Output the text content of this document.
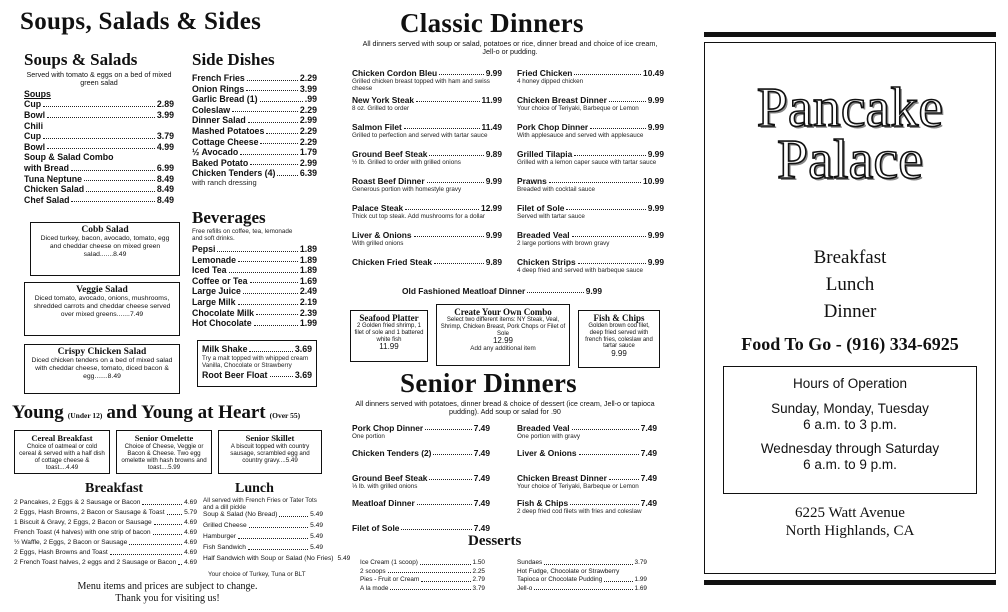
Soups, Salads & Sides
Soups & Salads
Served with tomato & eggs on a bed of mixed green salad
Soups
Cup	2.89
Bowl	3.99
Chili
Cup	3.79
Bowl	4.99
Soup & Salad Combo
with Bread	6.99
Tuna Neptune	8.49
Chicken Salad	8.49
Chef Salad	8.49
Side Dishes
French Fries	2.29
Onion Rings	3.99
Garlic Bread (1)	.99
Coleslaw	2.29
Dinner Salad	2.99
Mashed Potatoes	2.29
Cottage Cheese	2.29
½ Avocado	1.79
Baked Potato	2.99
Chicken Tenders (4)	6.39
with ranch dressing
Cobb Salad
Diced turkey, bacon, avocado, tomato, egg and cheddar cheese on mixed green salad.......8.49
Veggie Salad
Diced tomato, avocado, onions, mushrooms, shredded carrots and cheddar cheese served over mixed greens.......7.49
Crispy Chicken Salad
Diced chicken tenders on a bed of mixed salad with cheddar cheese, tomato, diced bacon & egg.......8.49
Beverages
Free refills on coffee, tea, lemonade and soft drinks.
Pepsi	1.89
Lemonade	1.89
Iced Tea	1.89
Coffee or Tea	1.69
Large Juice	2.49
Large Milk	2.19
Chocolate Milk	2.39
Hot Chocolate	1.99
Milk Shake	3.69
Try a malt topped with whipped cream Vanilla, Chocolate or Strawberry
Root Beer Float	3.69
Young (Under 12) and Young at Heart (Over 55)
Cereal Breakfast
Choice of oatmeal or cold cereal & served with a half dish of cottage cheese & toast....4.49
Senior Omelette
Choice of Cheese, Veggie or Bacon & Cheese. Two egg omelette with hash browns and toast....5.99
Senior Skillet
A biscuit topped with country sausage, scrambled egg and country gravy....5.49
Breakfast
2 Pancakes, 2 Eggs & 2 Sausage or Bacon	4.69
2 Eggs, Hash Browns, 2 Bacon or Sausage & Toast	5.79
1 Biscuit & Gravy, 2 Eggs, 2 Bacon or Sausage	4.69
French Toast (4 halves) with one strip of bacon	4.69
½ Waffle, 2 Eggs, 2 Bacon or Sausage	4.69
2 Eggs, Hash Browns and Toast	4.69
2 French Toast halves, 2 eggs and 2 Sausage or Bacon 4.69
Lunch
All served with French Fries or Tater Tots and a dill pickle
Soup & Salad (No Bread)	5.49
Grilled Cheese	5.49
Hamburger	5.49
Fish Sandwich	5.49
Half Sandwich with Soup or Salad (No Fries) 5.49
Your choice of Turkey, Tuna or BLT
Menu items and prices are subject to change.
Thank you for visiting us!
Classic Dinners
All dinners served with soup or salad, potatoes or rice, dinner bread and choice of ice cream, Jell-o or pudding.
Chicken Cordon Bleu	9.99
Grilled chicken breast topped with ham and swiss cheese
New York Steak	11.99
8 oz. Grilled to order
Salmon Filet	11.49
Grilled to perfection and served with tartar sauce
Ground Beef Steak	9.89
½ lb. Grilled to order with grilled onions
Roast Beef Dinner	9.99
Generous portion with homestyle gravy
Palace Steak	12.99
Thick cut top steak. Add mushrooms for a dollar
Liver & Onions	9.99
With grilled onions
Chicken Fried Steak	9.89
Fried Chicken	10.49
4 honey dipped chicken
Chicken Breast Dinner	9.99
Your choice of Teriyaki, Barbeque or Lemon
Pork Chop Dinner	9.99
With applesauce and served with applesauce
Grilled Tilapia	9.99
Grilled with a lemon caper sauce with tartar sauce
Prawns	10.99
Breaded with cocktail sauce
Filet of Sole	9.99
Served with tartar sauce
Breaded Veal	9.99
2 large portions with brown gravy
Chicken Strips	9.99
4 deep fried and served with barbeque sauce
Old Fashioned Meatloaf Dinner	9.99
Seafood Platter
2 Golden fried shrimp, 1 filet of sole and 1 battered white fish
11.99
Create Your Own Combo
Select two different items: NY Steak, Veal, Shrimp, Chicken Breast, Pork Chops or Filet of Sole
12.99
Add any additional item
Fish & Chips
Golden brown cod filet, deep fried served with french fries, coleslaw and tartar sauce
9.99
Senior Dinners
All dinners served with potatoes, dinner bread & choice of dessert (ice cream, Jell-o or tapioca pudding). Add soup or salad for .90
Pork Chop Dinner	7.49
One portion
Chicken Tenders (2)	7.49
Ground Beef Steak	7.49
⅓ lb. with grilled onions
Meatloaf Dinner	7.49
Filet of Sole	7.49
Breaded Veal	7.49
One portion with gravy
Liver & Onions	7.49
Chicken Breast Dinner	7.49
Your choice of Teriyaki, Barbeque or Lemon
Fish & Chips	7.49
2 deep fried cod filets with fries and coleslaw
Desserts
Ice Cream (1 scoop)	1.50
2 scoops	2.25
Pies - Fruit or Cream	2.79
A la mode	3.79
Sundaes	3.79
Hot Fudge, Chocolate or Strawberry
Tapioca or Chocolate Pudding	1.99
Jell-o	1.69
Pancake
Palace
Breakfast
Lunch
Dinner
Food To Go - (916) 334-6925
Hours of Operation
Sunday, Monday, Tuesday
6 a.m. to 3 p.m.
Wednesday through Saturday
6 a.m. to 9 p.m.
6225 Watt Avenue
North Highlands, CA
